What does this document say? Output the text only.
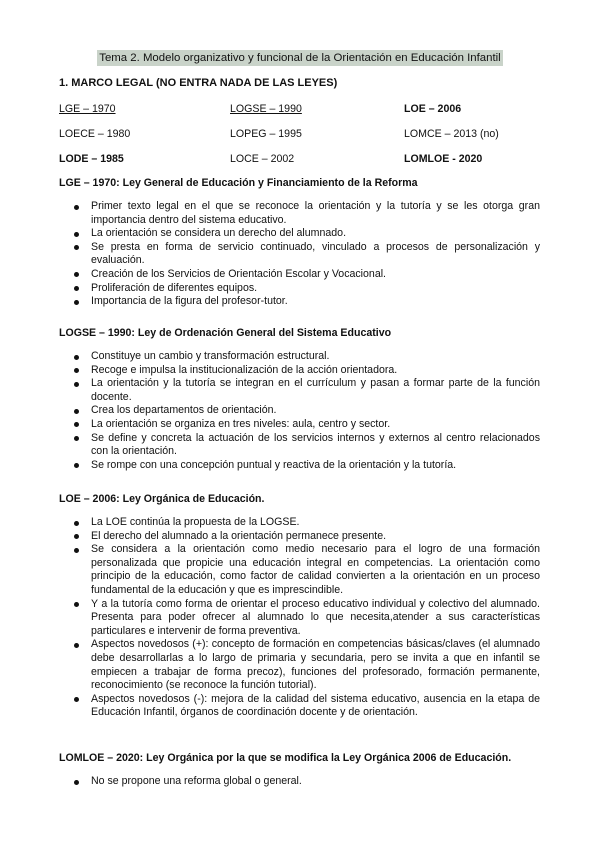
Tema 2. Modelo organizativo y funcional de la Orientación en Educación Infantil
1. MARCO LEGAL (NO ENTRA NADA DE LAS LEYES)
LGE – 1970	LOGSE – 1990	LOE – 2006
LOECE – 1980	LOPEG – 1995	LOMCE – 2013 (no)
LODE – 1985	LOCE – 2002	LOMLOE - 2020
LGE – 1970: Ley General de Educación y Financiamiento de la Reforma
Primer texto legal en el que se reconoce la orientación y la tutoría y se les otorga gran importancia dentro del sistema educativo.
La orientación se considera un derecho del alumnado.
Se presta en forma de servicio continuado, vinculado a procesos de personalización y evaluación.
Creación de los Servicios de Orientación Escolar y Vocacional.
Proliferación de diferentes equipos.
Importancia de la figura del profesor-tutor.
LOGSE – 1990: Ley de Ordenación General del Sistema Educativo
Constituye un cambio y transformación estructural.
Recoge e impulsa la institucionalización de la acción orientadora.
La orientación y la tutoría se integran en el currículum y pasan a formar parte de la función docente.
Crea los departamentos de orientación.
La orientación se organiza en tres niveles: aula, centro y sector.
Se define y concreta la actuación de los servicios internos y externos al centro relacionados con la orientación.
Se rompe con una concepción puntual y reactiva de la orientación y la tutoría.
LOE – 2006: Ley Orgánica de Educación.
La LOE continúa la propuesta de la LOGSE.
El derecho del alumnado a la orientación permanece presente.
Se considera a la orientación como medio necesario para el logro de una formación personalizada que propicie una educación integral en competencias. La orientación como principio de la educación, como factor de calidad convierten a la orientación en un proceso fundamental de la educación y que es imprescindible.
Y a la tutoría como forma de orientar el proceso educativo individual y colectivo del alumnado. Presenta para poder ofrecer al alumnado lo que necesita,atender a sus características particulares e intervenir de forma preventiva.
Aspectos novedosos (+): concepto de formación en competencias básicas/claves (el alumnado debe desarrollarlas a lo largo de primaria y secundaria, pero se invita a que en infantil se empiecen a trabajar de forma precoz), funciones del profesorado, formación permanente, reconocimiento (se reconoce la función tutorial).
Aspectos novedosos (-): mejora de la calidad del sistema educativo, ausencia en la etapa de Educación Infantil, órganos de coordinación docente y de orientación.
LOMLOE – 2020: Ley Orgánica por la que se modifica la Ley Orgánica 2006 de Educación.
No se propone una reforma global o general.
